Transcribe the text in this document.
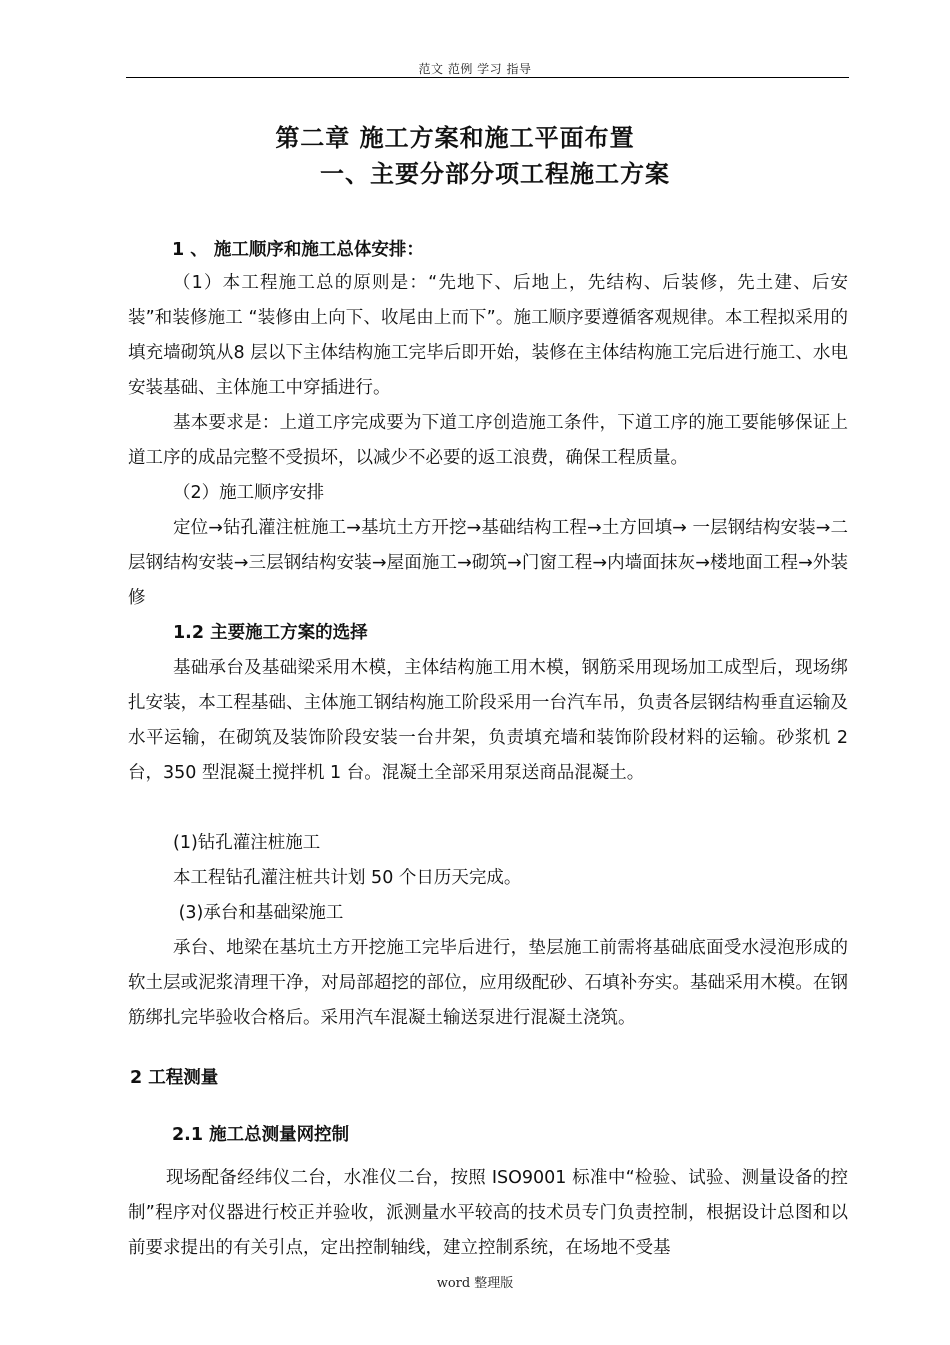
范文 范例 学习 指导
第二章 施工方案和施工平面布置
一、主要分部分项工程施工方案
1 、 施工顺序和施工总体安排：
（1）本工程施工总的原则是：“先地下、后地上，先结构、后装修，先土建、后安装”和装修施工 “装修由上向下、收尾由上而下”。施工顺序要遵循客观规律。本工程拟采用的填充墙砌筑从8 层以下主体结构施工完毕后即开始，装修在主体结构施工完后进行施工、水电安装基础、主体施工中穿插进行。
基本要求是：上道工序完成要为下道工序创造施工条件，下道工序的施工要能够保证上道工序的成品完整不受损坏，以减少不必要的返工浪费，确保工程质量。
（2）施工顺序安排
定位→钻孔灌注桩施工→基坑土方开挖→基础结构工程→土方回填→ 一层钢结构安装→二层钢结构安装→三层钢结构安装→屋面施工→砌筑→门窗工程→内墙面抹灰→楼地面工程→外装修
1.2 主要施工方案的选择
基础承台及基础梁采用木模，主体结构施工用木模，钢筋采用现场加工成型后，现场绑扎安装，本工程基础、主体施工钢结构施工阶段采用一台汽车吊，负责各层钢结构垂直运输及水平运输，在砌筑及装饰阶段安装一台井架，负责填充墙和装饰阶段材料的运输。砂浆机 2 台，350 型混凝土搅拌机 1 台。混凝土全部采用泵送商品混凝土。
(1)钻孔灌注桩施工
本工程钻孔灌注桩共计划 50 个日历天完成。
(3)承台和基础梁施工
承台、地梁在基坑土方开挖施工完毕后进行，垫层施工前需将基础底面受水浸泡形成的软土层或泥浆清理干净，对局部超挖的部位，应用级配砂、石填补夯实。基础采用木模。在钢筋绑扎完毕验收合格后。采用汽车混凝土输送泵进行混凝土浇筑。
2 工程测量
2.1 施工总测量网控制
现场配备经纬仪二台，水准仪二台，按照 ISO9001 标准中“检验、试验、测量设备的控制”程序对仪器进行校正并验收，派测量水平较高的技术员专门负责控制，根据设计总图和以前要求提出的有关引点，定出控制轴线，建立控制系统，在场地不受基
word 整理版
